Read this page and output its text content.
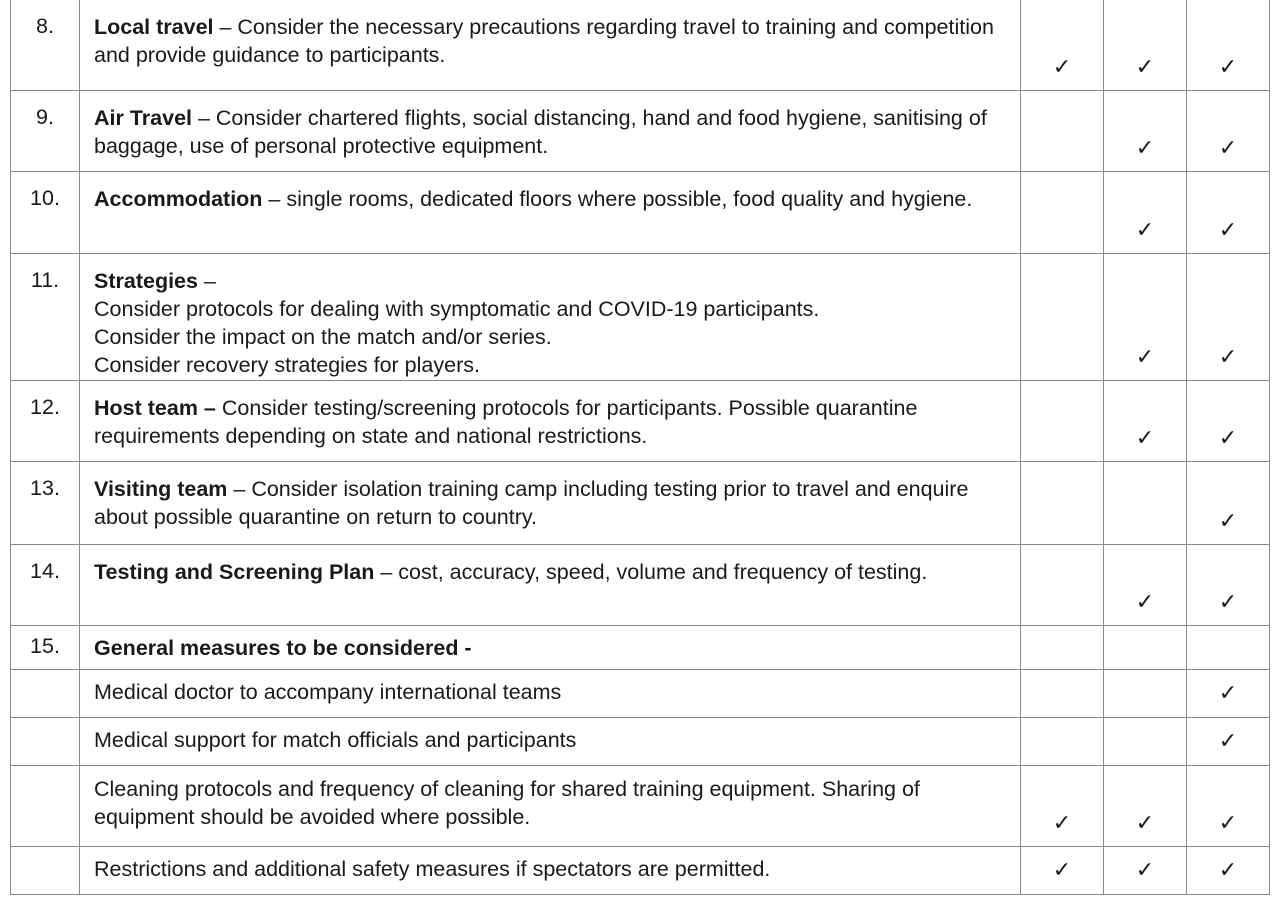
8.	Local travel – Consider the necessary precautions regarding travel to training and competition and provide guidance to participants.	✓	✓	✓
9.	Air Travel – Consider chartered flights, social distancing, hand and food hygiene, sanitising of baggage, use of personal protective equipment.		✓	✓
10.	Accommodation – single rooms, dedicated floors where possible, food quality and hygiene.		✓	✓
11.	Strategies –
Consider protocols for dealing with symptomatic and COVID-19 participants.
Consider the impact on the match and/or series.
Consider recovery strategies for players.		✓	✓
12.	Host team – Consider testing/screening protocols for participants. Possible quarantine requirements depending on state and national restrictions.		✓	✓
13.	Visiting team – Consider isolation training camp including testing prior to travel and enquire about possible quarantine on return to country.			✓
14.	Testing and Screening Plan – cost, accuracy, speed, volume and frequency of testing.		✓	✓
15.	General measures to be considered -			
	Medical doctor to accompany international teams			✓
	Medical support for match officials and participants			✓
	Cleaning protocols and frequency of cleaning for shared training equipment. Sharing of equipment should be avoided where possible.	✓	✓	✓
	Restrictions and additional safety measures if spectators are permitted.	✓	✓	✓
